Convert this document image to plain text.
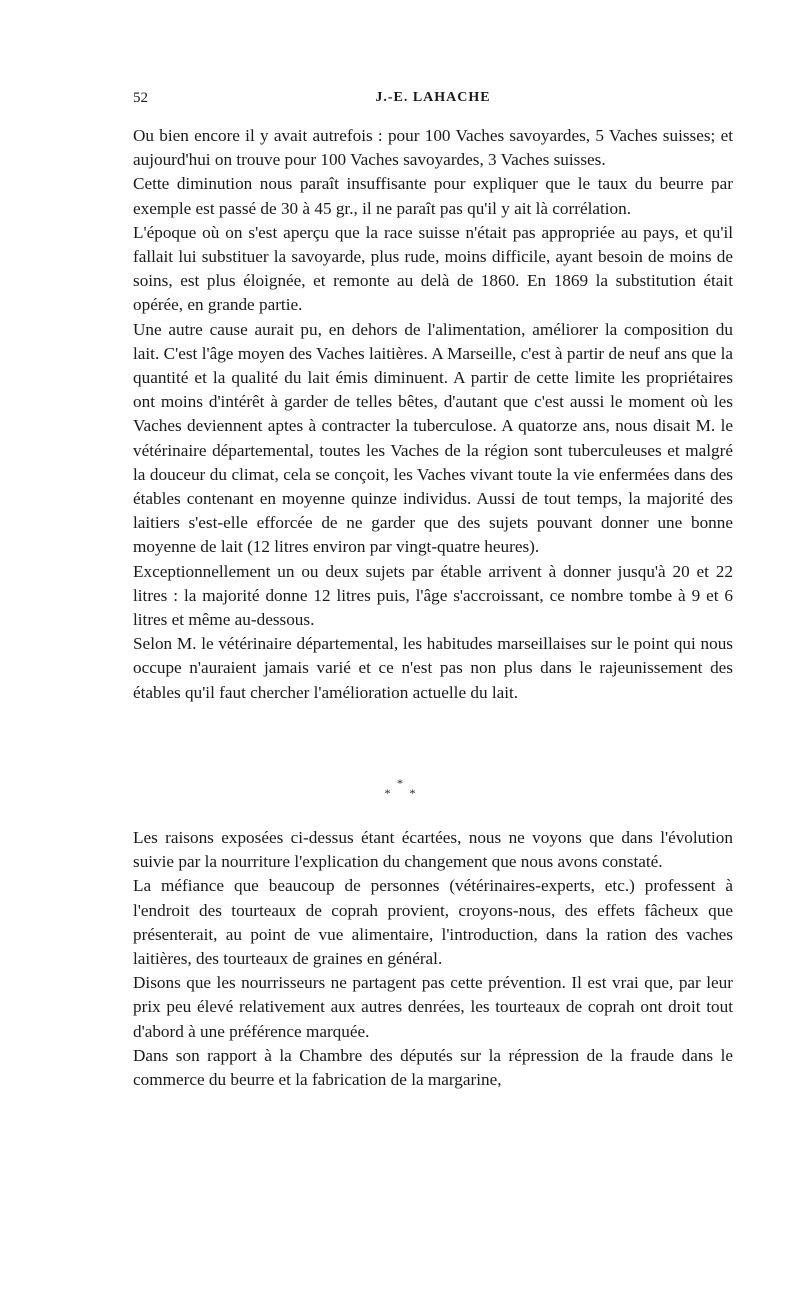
52	J.-E. LAHACHE

Ou bien encore il y avait autrefois : pour 100 Vaches savoyardes, 5 Vaches suisses; et aujourd'hui on trouve pour 100 Vaches savoyardes, 3 Vaches suisses.

Cette diminution nous paraît insuffisante pour expliquer que le taux du beurre par exemple est passé de 30 à 45 gr., il ne paraît pas qu'il y ait là corrélation.

L'époque où on s'est aperçu que la race suisse n'était pas appropriée au pays, et qu'il fallait lui substituer la savoyarde, plus rude, moins difficile, ayant besoin de moins de soins, est plus éloignée, et remonte au delà de 1860. En 1869 la substitution était opérée, en grande partie.

Une autre cause aurait pu, en dehors de l'alimentation, améliorer la composition du lait. C'est l'âge moyen des Vaches laitières. A Marseille, c'est à partir de neuf ans que la quantité et la qualité du lait émis diminuent. A partir de cette limite les propriétaires ont moins d'intérêt à garder de telles bêtes, d'autant que c'est aussi le moment où les Vaches deviennent aptes à contracter la tuberculose. A quatorze ans, nous disait M. le vétérinaire départemental, toutes les Vaches de la région sont tuberculeuses et malgré la douceur du climat, cela se conçoit, les Vaches vivant toute la vie enfermées dans des étables contenant en moyenne quinze individus. Aussi de tout temps, la majorité des laitiers s'est-elle efforcée de ne garder que des sujets pouvant donner une bonne moyenne de lait (12 litres environ par vingt-quatre heures).

Exceptionnellement un ou deux sujets par étable arrivent à donner jusqu'à 20 et 22 litres : la majorité donne 12 litres puis, l'âge s'accroissant, ce nombre tombe à 9 et 6 litres et même au-dessous.

Selon M. le vétérinaire départemental, les habitudes marseillaises sur le point qui nous occupe n'auraient jamais varié et ce n'est pas non plus dans le rajeunissement des étables qu'il faut chercher l'amélioration actuelle du lait.

*
* *

Les raisons exposées ci-dessus étant écartées, nous ne voyons que dans l'évolution suivie par la nourriture l'explication du changement que nous avons constaté.

La méfiance que beaucoup de personnes (vétérinaires-experts, etc.) professent à l'endroit des tourteaux de coprah provient, croyons-nous, des effets fâcheux que présenterait, au point de vue alimentaire, l'introduction, dans la ration des vaches laitières, des tourteaux de graines en général.

Disons que les nourrisseurs ne partagent pas cette prévention. Il est vrai que, par leur prix peu élevé relativement aux autres denrées, les tourteaux de coprah ont droit tout d'abord à une préférence marquée.

Dans son rapport à la Chambre des députés sur la répression de la fraude dans le commerce du beurre et la fabrication de la margarine,
